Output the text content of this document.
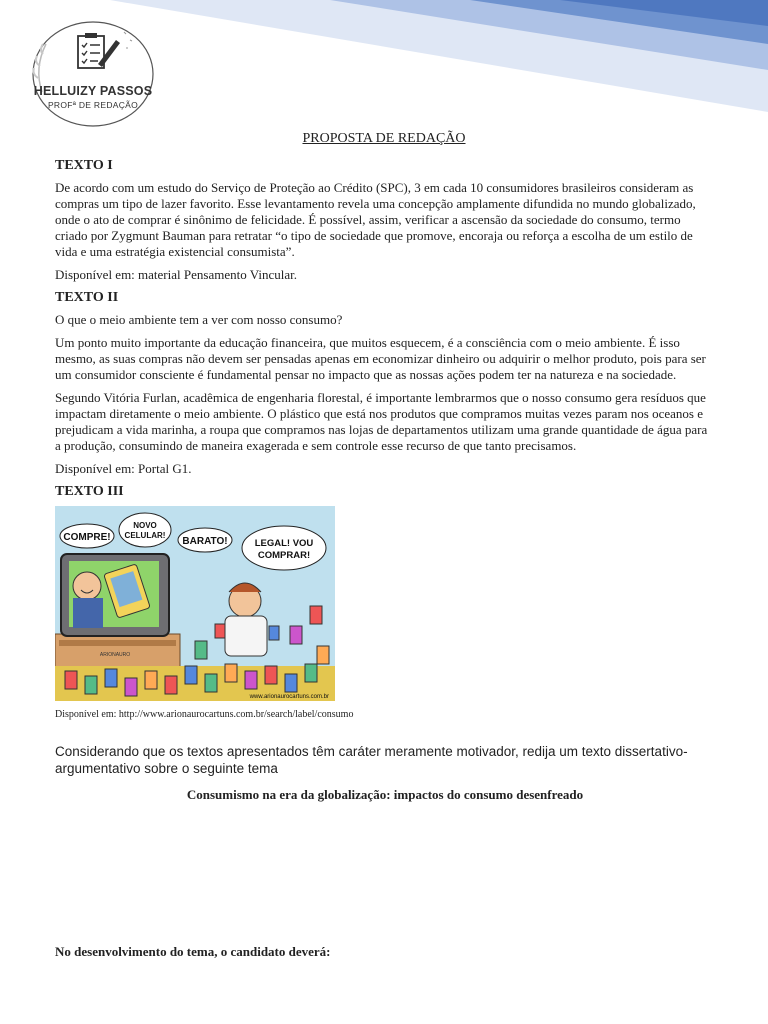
HELLUIZY PASSOS
PROFª DE REDAÇÃO
PROPOSTA DE REDAÇÃO
TEXTO I

De acordo com um estudo do Serviço de Proteção ao Crédito (SPC), 3 em cada 10 consumidores brasileiros consideram as compras um tipo de lazer favorito. Esse levantamento revela uma concepção amplamente difundida no mundo globalizado, onde o ato de comprar é sinônimo de felicidade. É possível, assim, verificar a ascensão da sociedade do consumo, termo criado por Zygmunt Bauman para retratar “o tipo de sociedade que promove, encoraja ou reforça a escolha de um estilo de vida e uma estratégia existencial consumista”.

Disponível em: material Pensamento Vincular.

TEXTO II

O que o meio ambiente tem a ver com nosso consumo?

Um ponto muito importante da educação financeira, que muitos esquecem, é a consciência com o meio ambiente. É isso mesmo, as suas compras não devem ser pensadas apenas em economizar dinheiro ou adquirir o melhor produto, pois para ser um consumidor consciente é fundamental pensar no impacto que as nossas ações podem ter na natureza e na sociedade.

Segundo Vitória Furlan, acadêmica de engenharia florestal, é importante lembrarmos que o nosso consumo gera resíduos que impactam diretamente o meio ambiente. O plástico que está nos produtos que compramos muitas vezes param nos oceanos e prejudicam a vida marinha, a roupa que compramos nas lojas de departamentos utilizam uma grande quantidade de água para a produção, consumindo de maneira exagerada e sem controle esse recurso de que tanto precisamos.

Disponível em: Portal G1.

TEXTO III
COMPRE!
NOVO
CELULAR!
BARATO!	LEGAL! VOU
COMPRAR!
ARIONAURO
www.arionaurocartuns.com.br

Disponível em: http://www.arionaurocartuns.com.br/search/label/consumo

Considerando que os textos apresentados têm caráter meramente motivador, redija um texto dissertativo-argumentativo sobre o seguinte tema

Consumismo na era da globalização: impactos do consumo desenfreado

No desenvolvimento do tema, o candidato deverá:
